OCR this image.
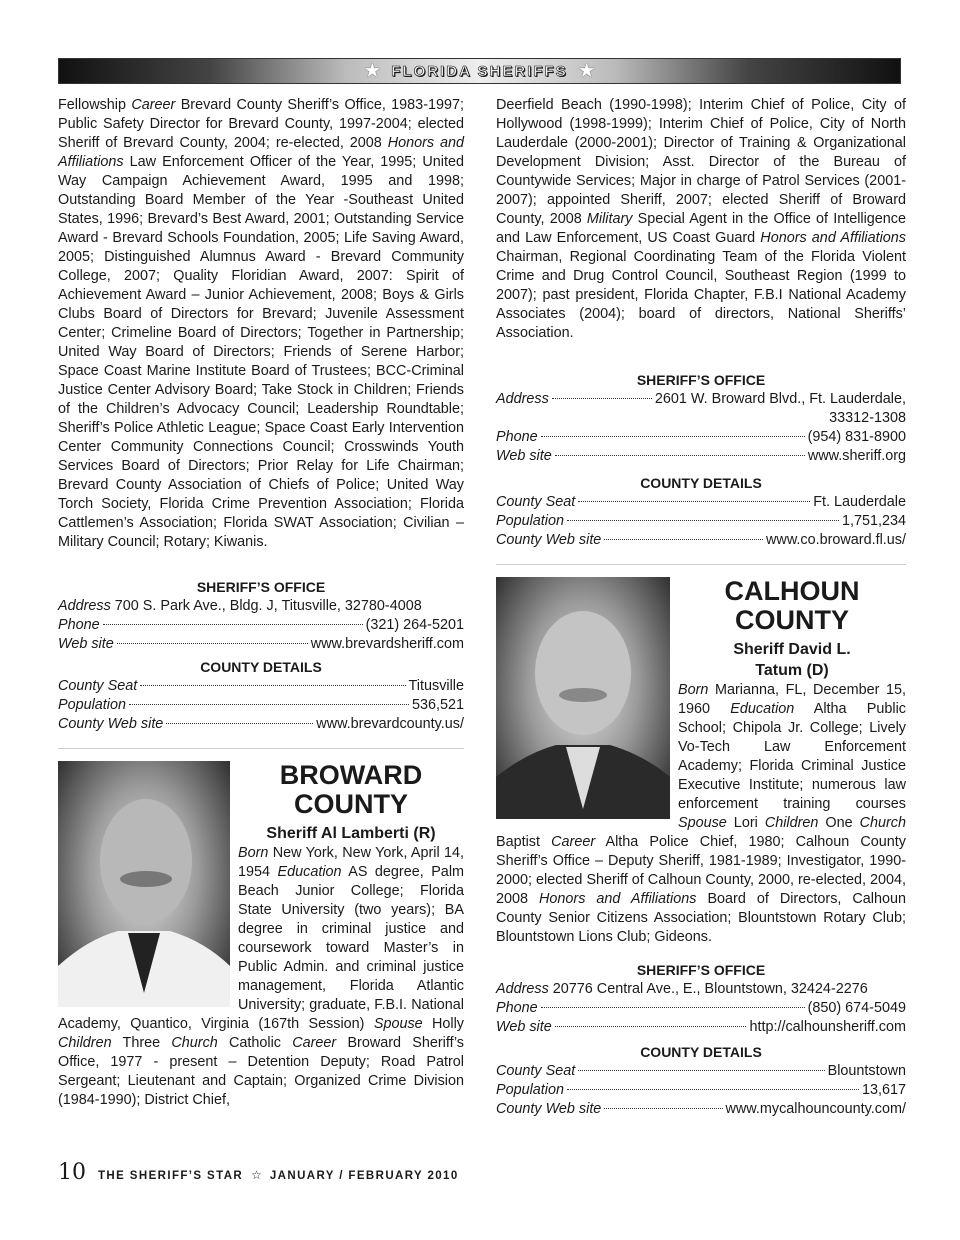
★ FLORIDA SHERIFFS ★

Fellowship Career Brevard County Sheriff’s Office, 1983-1997; Public Safety Director for Brevard County, 1997-2004; elected Sheriff of Brevard County, 2004; re-elected, 2008 Honors and Affiliations Law Enforcement Officer of the Year, 1995; United Way Campaign Achievement Award, 1995 and 1998; Outstanding Board Member of the Year -Southeast United States, 1996; Brevard’s Best Award, 2001; Outstanding Service Award - Brevard Schools Foundation, 2005; Life Saving Award, 2005; Distinguished Alumnus Award - Brevard Community College, 2007; Quality Floridian Award, 2007: Spirit of Achievement Award – Junior Achievement, 2008; Boys & Girls Clubs Board of Directors for Brevard; Juvenile Assessment Center; Crimeline Board of Directors; Together in Partnership; United Way Board of Directors; Friends of Serene Harbor; Space Coast Marine Institute Board of Trustees; BCC-Criminal Justice Center Advisory Board; Take Stock in Children; Friends of the Children’s Advocacy Council; Leadership Roundtable; Sheriff’s Police Athletic League; Space Coast Early Intervention Center Community Connections Council; Crosswinds Youth Services Board of Directors; Prior Relay for Life Chairman; Brevard County Association of Chiefs of Police; United Way Torch Society, Florida Crime Prevention Association; Florida Cattlemen’s Association; Florida SWAT Association; Civilian – Military Council; Rotary; Kiwanis.

SHERIFF’S OFFICE
Address 700 S. Park Ave., Bldg. J, Titusville, 32780-4008
Phone	(321) 264-5201
Web site	www.brevardsheriff.com
COUNTY DETAILS
County Seat	Titusville
Population	536,521
County Web site	www.brevardcounty.us/
BROWARD
COUNTY
Sheriff Al Lamberti (R)

Born New York, New York, April 14, 1954 Education AS degree, Palm Beach Junior College; Florida State University (two years); BA degree in criminal justice and coursework toward Master’s in Public Admin. and criminal justice management, Florida Atlantic University; graduate, F.B.I. National Academy, Quantico, Virginia (167th Session) Spouse Holly Children Three Church Catholic Career Broward Sheriff’s Office, 1977 - present – Detention Deputy; Road Patrol Sergeant; Lieutenant and Captain; Organized Crime Division (1984-1990); District Chief,

Deerfield Beach (1990-1998); Interim Chief of Police, City of Hollywood (1998-1999); Interim Chief of Police, City of North Lauderdale (2000-2001); Director of Training & Organizational Development Division; Asst. Director of the Bureau of Countywide Services; Major in charge of Patrol Services (2001-2007); appointed Sheriff, 2007; elected Sheriff of Broward County, 2008 Military Special Agent in the Office of Intelligence and Law Enforcement, US Coast Guard Honors and Affiliations Chairman, Regional Coordinating Team of the Florida Violent Crime and Drug Control Council, Southeast Region (1999 to 2007); past president, Florida Chapter, F.B.I National Academy Associates (2004); board of directors, National Sheriffs’ Association.

SHERIFF’S OFFICE
Address	2601 W. Broward Blvd., Ft. Lauderdale,
33312-1308
Phone	(954) 831-8900
Web site	www.sheriff.org
COUNTY DETAILS
County Seat	Ft. Lauderdale
Population	1,751,234
County Web site	www.co.broward.fl.us/
CALHOUN
COUNTY
Sheriff David L.
Tatum (D)

Born Marianna, FL, December 15, 1960 Education Altha Public School; Chipola Jr. College; Lively Vo-Tech Law Enforcement Academy; Florida Criminal Justice Executive Institute; numerous law enforcement training courses Spouse Lori Children One Church Baptist Career Altha Police Chief, 1980; Calhoun County Sheriff’s Office – Deputy Sheriff, 1981-1989; Investigator, 1990-2000; elected Sheriff of Calhoun County, 2000, re-elected, 2004, 2008 Honors and Affiliations Board of Directors, Calhoun County Senior Citizens Association; Blountstown Rotary Club; Blountstown Lions Club; Gideons.

SHERIFF’S OFFICE
Address 20776 Central Ave., E., Blountstown, 32424-2276
Phone	(850) 674-5049
Web site	http://calhounsheriff.com
COUNTY DETAILS
County Seat	Blountstown
Population	13,617
County Web site	www.mycalhouncounty.com/
10 THE SHERIFF’S STAR ☆ JANUARY / FEBRUARY 2010
